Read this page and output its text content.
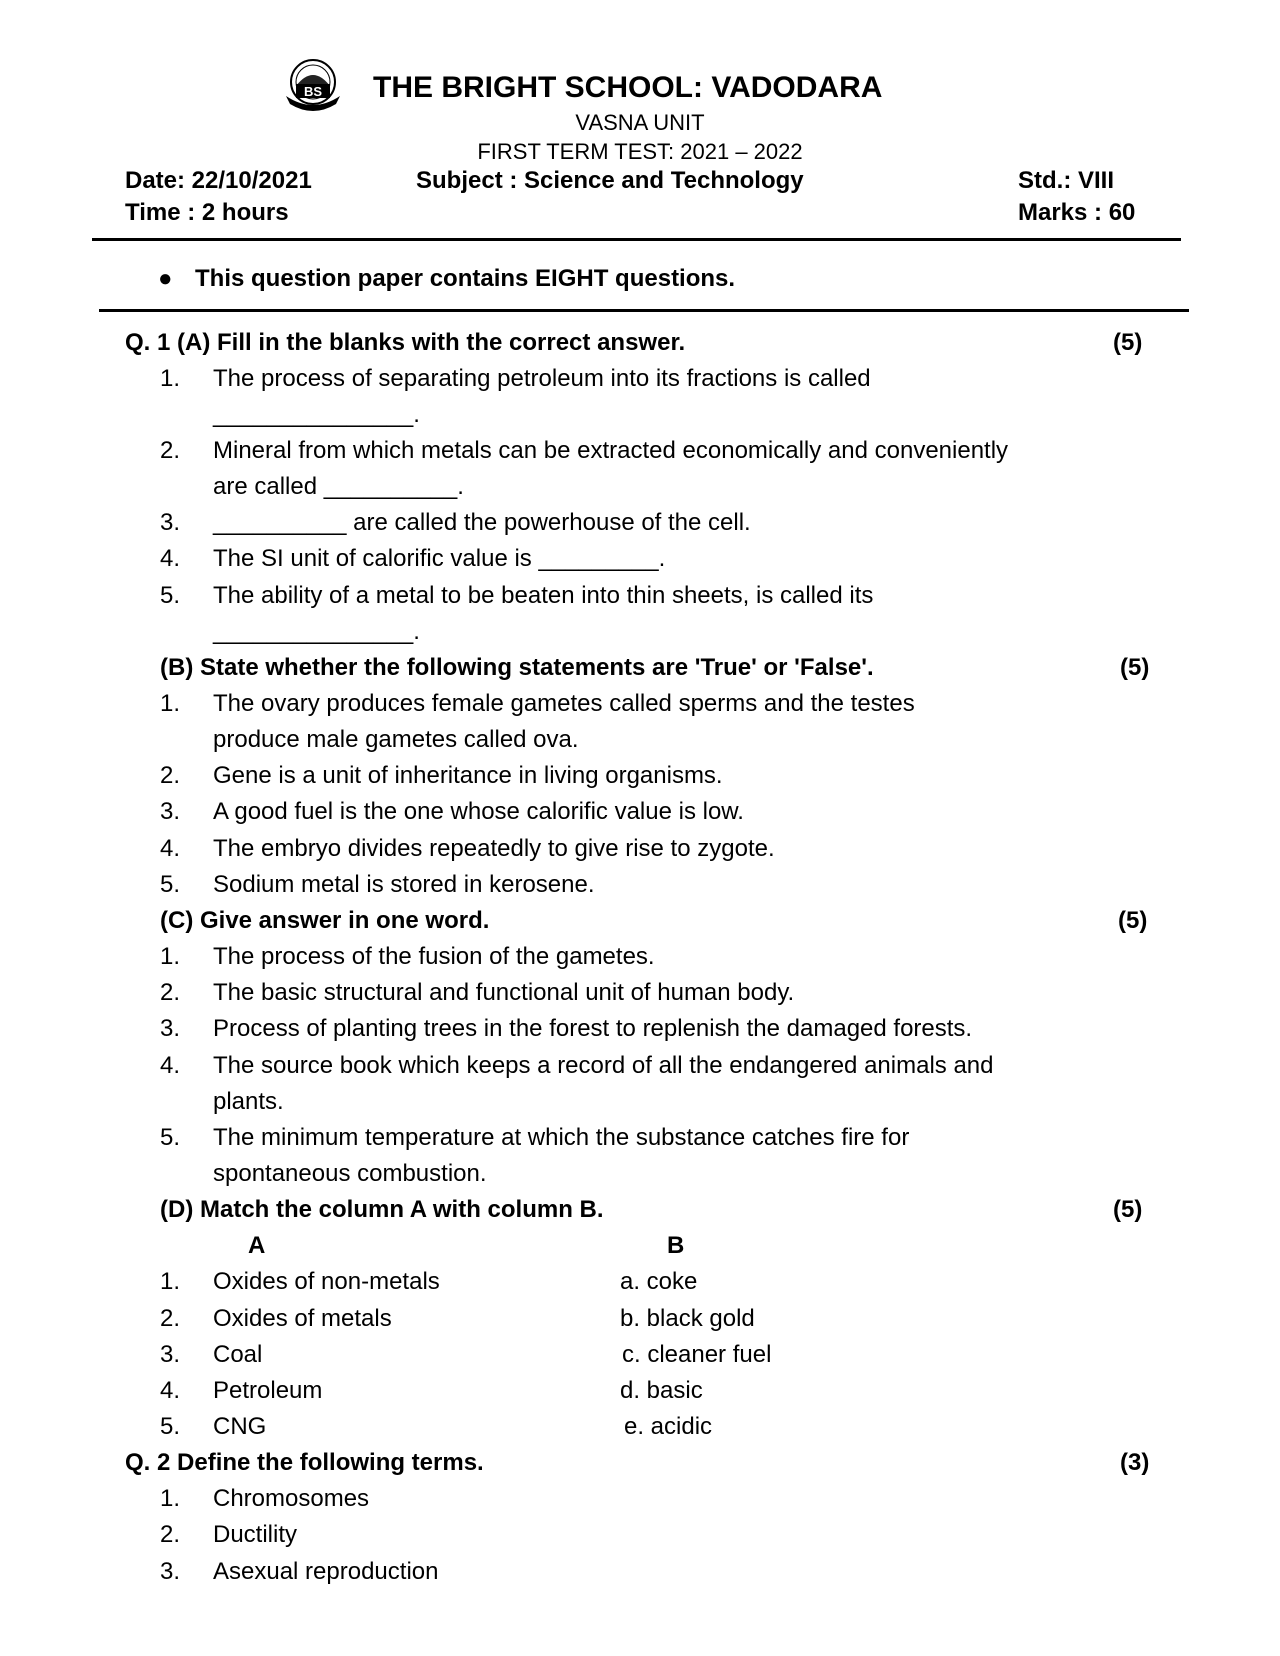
BS THE BRIGHT SCHOOL: VADODARA
VASNA UNIT
FIRST TERM TEST: 2021 – 2022
Date: 22/10/2021	Subject : Science and Technology	Std.: VIII
Time : 2 hours	Marks : 60
● This question paper contains EIGHT questions.
Q. 1 (A) Fill in the blanks with the correct answer.	(5)
1. The process of separating petroleum into its fractions is called
_______________.
2. Mineral from which metals can be extracted economically and conveniently
are called __________.
3. __________ are called the powerhouse of the cell.
4. The SI unit of calorific value is _________.
5. The ability of a metal to be beaten into thin sheets, is called its
_______________.
(B) State whether the following statements are 'True' or 'False'.	(5)
1. The ovary produces female gametes called sperms and the testes
produce male gametes called ova.
2. Gene is a unit of inheritance in living organisms.
3. A good fuel is the one whose calorific value is low.
4. The embryo divides repeatedly to give rise to zygote.
5. Sodium metal is stored in kerosene.
(C) Give answer in one word.	(5)
1. The process of the fusion of the gametes.
2. The basic structural and functional unit of human body.
3. Process of planting trees in the forest to replenish the damaged forests.
4. The source book which keeps a record of all the endangered animals and
plants.
5. The minimum temperature at which the substance catches fire for
spontaneous combustion.
(D) Match the column A with column B.	(5)
A	B
1. Oxides of non-metals	a. coke
2. Oxides of metals	b. black gold
3. Coal	c. cleaner fuel
4. Petroleum	d. basic
5. CNG	e. acidic
Q. 2 Define the following terms.	(3)
1. Chromosomes
2. Ductility
3. Asexual reproduction
